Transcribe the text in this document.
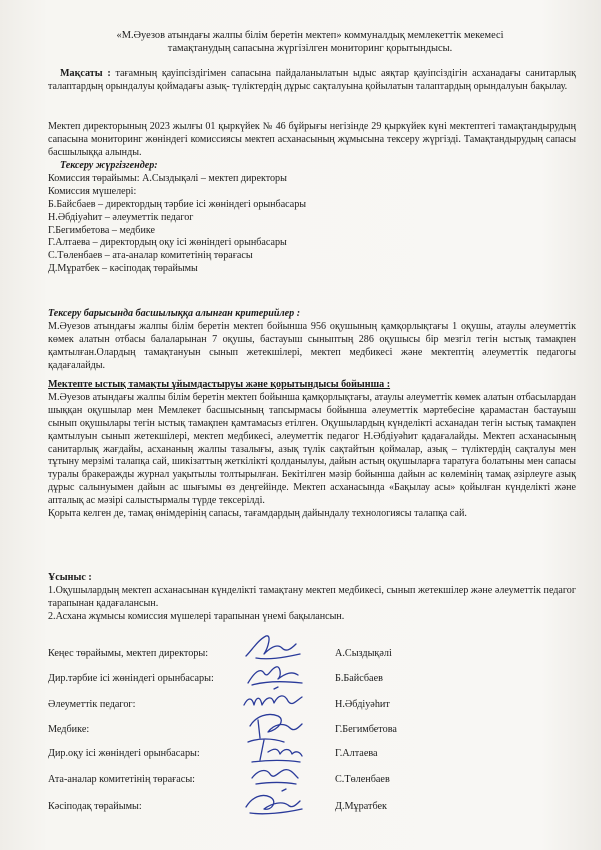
«М.Әуезов атындағы жалпы білім беретін мектеп» коммуналдық мемлекеттік мекемесі
тамақтанудың сапасына жүргізілген мониторинг қорытындысы.
Мақсаты : тағамның қауіпсіздігімен сапасына пайдаланылатын ыдыс аяқтар қауіпсіздігін асханадағы санитарлық талаптардың орындалуы қоймадағы азық- түліктердің дұрыс сақталуына қойылатын талаптардың орындалуын бақылау.
Мектеп директорының 2023 жылғы 01 қыркүйек № 46 бұйрығы негізінде 29 қыркүйек күні мектептегі тамақтандырудың сапасына мониторинг жөніндегі комиссиясы мектеп асханасының жұмысына тексеру жүргізді. Тамақтандырудың сапасы басшылыққа алынды.
Тексеру жүргізгендер:
Комиссия төрайымы: А.Сыздықәлі – мектеп директоры
Комиссия мүшелері:
Б.Байсбаев – директордың тәрбие ісі жөніндегі орынбасары
Н.Әбдіуәһит – әлеуметтік педагог
Г.Бегимбетова – медбике
Г.Алтаева – директордың оқу ісі жөніндегі орынбасары
С.Төленбаев – ата-аналар комитетінің төрағасы
Д.Мұратбек – кәсіподақ төрайымы
Тексеру барысында басшылыққа алынған критерийлер :
М.Әуезов атындағы жалпы білім беретін мектеп бойынша 956 оқушының қамқорлықтағы 1 оқушы, атаулы әлеуметтік көмек алатын отбасы балаларынан 7 оқушы, бастауыш сыныптың 286 оқушысы бір мезгіл тегін ыстық тамақпен қамтылған.Олардың тамақтануын сынып жетекшілері, мектеп медбикесі және мектептің әлеуметтік педагогы қадағалайды.
Мектепте ыстық тамақты ұйымдастыруы және қорытындысы бойынша :
М.Әуезов атындағы жалпы білім беретін мектеп бойынша қамқорлықтағы, атаулы әлеуметтік көмек алатын отбасылардан шыққан оқушылар мен Мемлекет басшысының тапсырмасы бойынша әлеуметтік мәртебесіне қарамастан бастауыш сынып оқушылары тегін ыстық тамақпен қамтамасыз етілген. Оқушылардың күнделікті асханадан тегін ыстық тамақпен қамтылуын сынып жетекшілері, мектеп медбикесі, әлеуметтік педагог Н.Әбдіуәһит қадағалайды. Мектеп асханасының санитарлық жағдайы, асхананың жалпы тазалығы, азық түлік сақтайтын қоймалар, азық – түліктердің сақталуы мен тұтыну мерзімі талапқа сай, шикізаттың жеткілікті қолданылуы, дайын астың оқушыларға таратуға болатыны мен сапасы туралы бракеражды журнал уақытылы толтырылған. Бекітілген мәзір бойынша дайын ас көлемінің тамақ әзірлеуге азық дұрыс салынуымен дайын ас шығымы өз деңгейінде. Мектеп асханасында «Бақылау асы» қойылған күнделікті және апталық ас мәзірі салыстырмалы түрде тексерілді.
Қорыта келген де, тамақ өнімдерінің сапасы, тағамдардың дайындалу технологиясы талапқа сай.
Ұсыныс :
1.Оқушылардың мектеп асханасынан күнделікті тамақтану мектеп медбикесі, сынып жетекшілер және әлеуметтік педагог тарапынан қадағалансын.
2.Асхана жұмысы комиссия мүшелері тарапынан үнемі бақылансын.
Кеңес төрайымы, мектеп директоры:	А.Сыздықәлі
Дир.тәрбие ісі жөніндегі орынбасары:	Б.Байсбаев
Әлеуметтік педагог:	Н.Әбдіуәһит
Медбике:	Г.Бегимбетова
Дир.оқу ісі жөніндегі орынбасары:	Г.Алтаева
Ата-аналар комитетінің төрағасы:	С.Төленбаев
Кәсіподақ төрайымы:	Д.Мұратбек
